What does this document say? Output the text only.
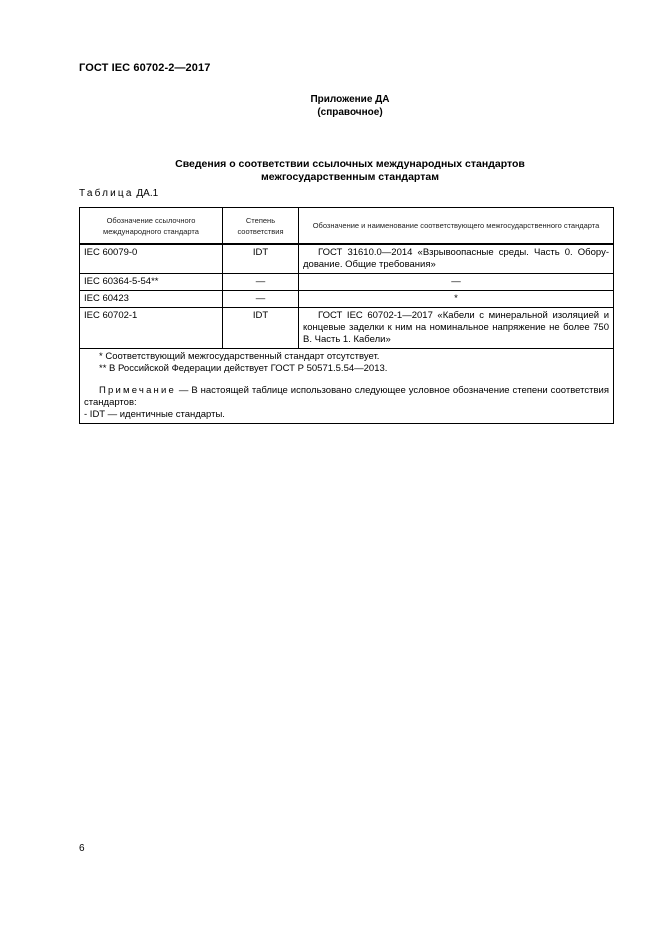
ГОСТ IEC 60702-2—2017
Приложение ДА
(справочное)
Сведения о соответствии ссылочных международных стандартов
межгосударственным стандартам
Таблица ДА.1
Обозначение ссылочного международного стандарта	Степень соответствия	Обозначение и наименование соответствующего межгосударственного стандарта
IEC 60079-0	IDT	ГОСТ 31610.0—2014 «Взрывоопасные среды. Часть 0. Обору-дование. Общие требования»
IEC 60364-5-54**	—	—
IEC 60423	—	*
IEC 60702-1	IDT	ГОСТ IEC 60702-1—2017 «Кабели с минеральной изоляцией и концевые заделки к ним на номинальное напряжение не более 750 В. Часть 1. Кабели»

* Соответствующий межгосударственный стандарт отсутствует.
** В Российской Федерации действует ГОСТ Р 50571.5.54—2013.
Примечание — В настоящей таблице использовано следующее условное обозначение степени соответствия стандартов:
- IDT — идентичные стандарты.		
6
